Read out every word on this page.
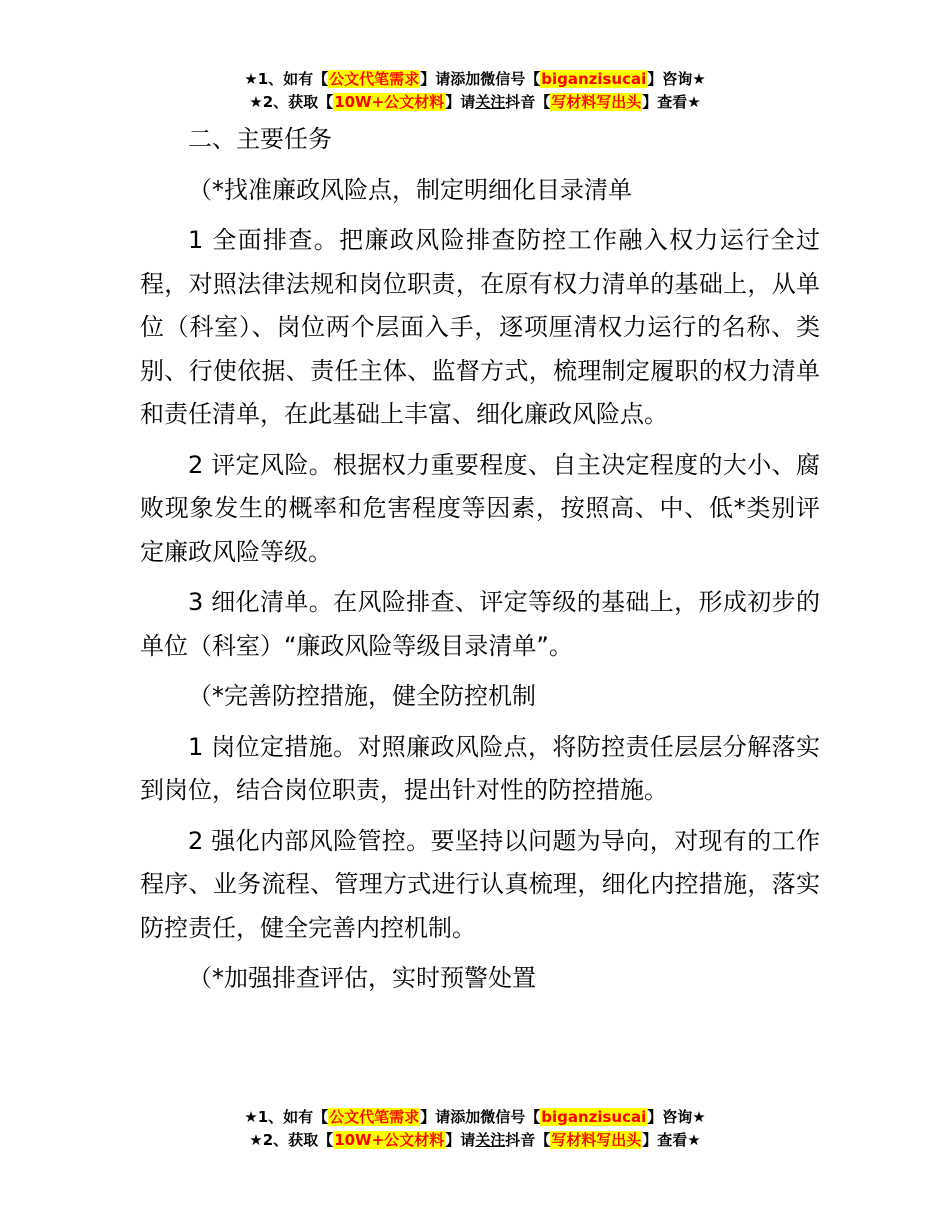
★1、如有【公文代笔需求】请添加微信号【biganzisucai】咨询★
★2、获取【10W+公文材料】请关注抖音【写材料写出头】查看★

二、主要任务

（*找准廉政风险点，制定明细化目录清单

1 全面排查。把廉政风险排查防控工作融入权力运行全过程，对照法律法规和岗位职责，在原有权力清单的基础上，从单位（科室）、岗位两个层面入手，逐项厘清权力运行的名称、类别、行使依据、责任主体、监督方式，梳理制定履职的权力清单和责任清单，在此基础上丰富、细化廉政风险点。

2 评定风险。根据权力重要程度、自主决定程度的大小、腐败现象发生的概率和危害程度等因素，按照高、中、低*类别评定廉政风险等级。

3 细化清单。在风险排查、评定等级的基础上，形成初步的单位（科室）“廉政风险等级目录清单”。

（*完善防控措施，健全防控机制

1 岗位定措施。对照廉政风险点，将防控责任层层分解落实到岗位，结合岗位职责，提出针对性的防控措施。

2 强化内部风险管控。要坚持以问题为导向，对现有的工作程序、业务流程、管理方式进行认真梳理，细化内控措施，落实防控责任，健全完善内控机制。

（*加强排查评估，实时预警处置

★1、如有【公文代笔需求】请添加微信号【biganzisucai】咨询★
★2、获取【10W+公文材料】请关注抖音【写材料写出头】查看★
